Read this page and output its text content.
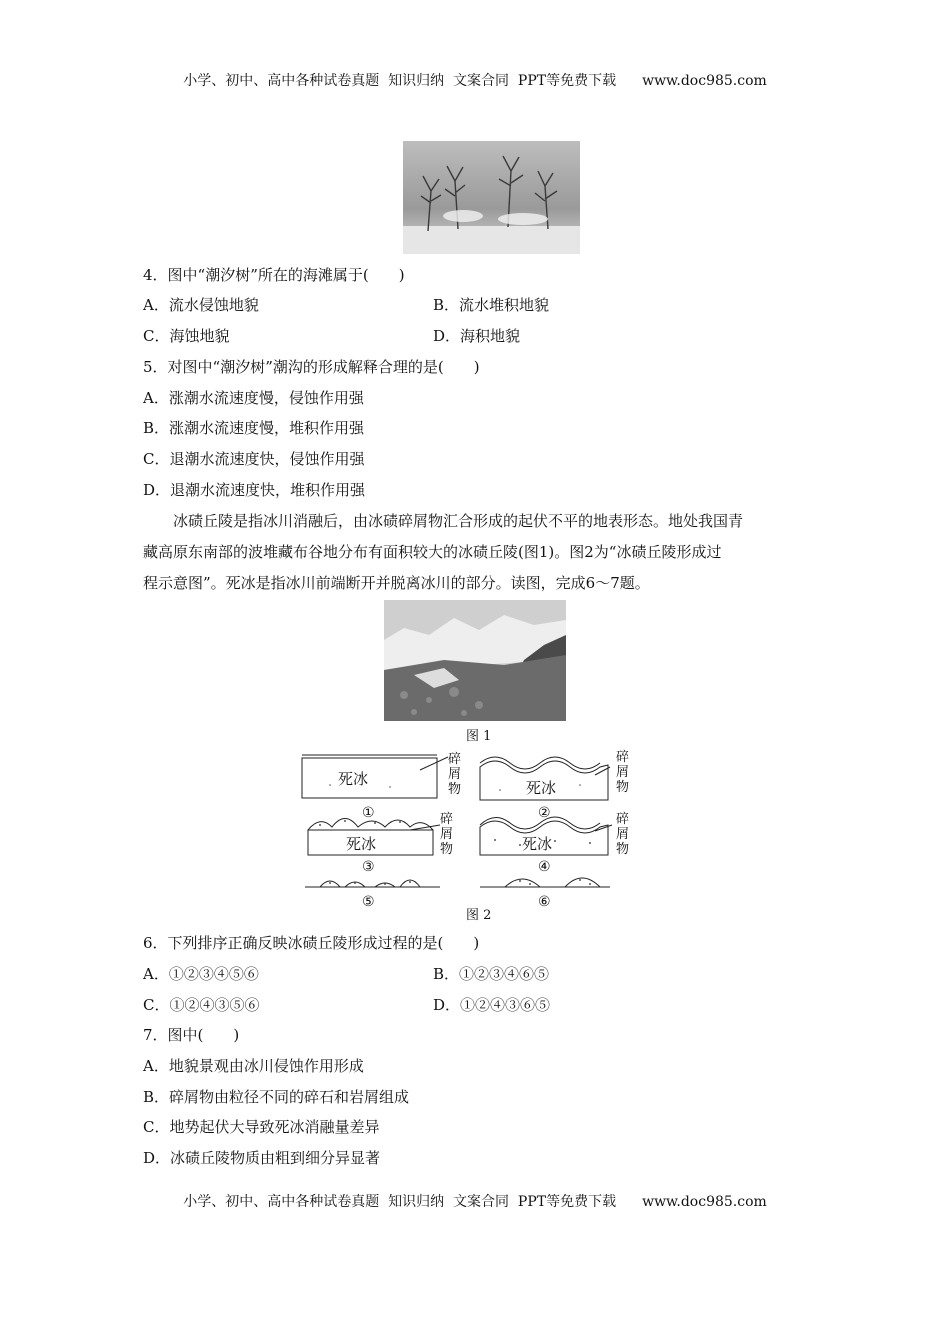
小学、初中、高中各种试卷真题  知识归纳  文案合同  PPT等免费下载 www.doc985.com
4．图中“潮汐树”所在的海滩属于(　　)
A．流水侵蚀地貌	B．流水堆积地貌
C．海蚀地貌	D．海积地貌
5．对图中“潮汐树”潮沟的形成解释合理的是(　　)
A．涨潮水流速度慢，侵蚀作用强
B．涨潮水流速度慢，堆积作用强
C．退潮水流速度快，侵蚀作用强
D．退潮水流速度快，堆积作用强

冰碛丘陵是指冰川消融后，由冰碛碎屑物汇合形成的起伏不平的地表形态。地处我国青

藏高原东南部的波堆藏布谷地分布有面积较大的冰碛丘陵(图1)。图2为“冰碛丘陵形成过

程示意图”。死冰是指冰川前端断开并脱离冰川的部分。读图，完成6～7题。

图 1
死冰	死冰
死冰	死冰
碎
屑
物
碎
屑
物
碎
屑
物
碎
屑
物
①	②
③	④
⑤	⑥
图 2
6．下列排序正确反映冰碛丘陵形成过程的是(　　)
A．①②③④⑤⑥	B．①②③④⑥⑤
C．①②④③⑤⑥	D．①②④③⑥⑤
7．图中(　　)
A．地貌景观由冰川侵蚀作用形成
B．碎屑物由粒径不同的碎石和岩屑组成
C．地势起伏大导致死冰消融量差异
D．冰碛丘陵物质由粗到细分异显著
小学、初中、高中各种试卷真题  知识归纳  文案合同  PPT等免费下载 www.doc985.com
